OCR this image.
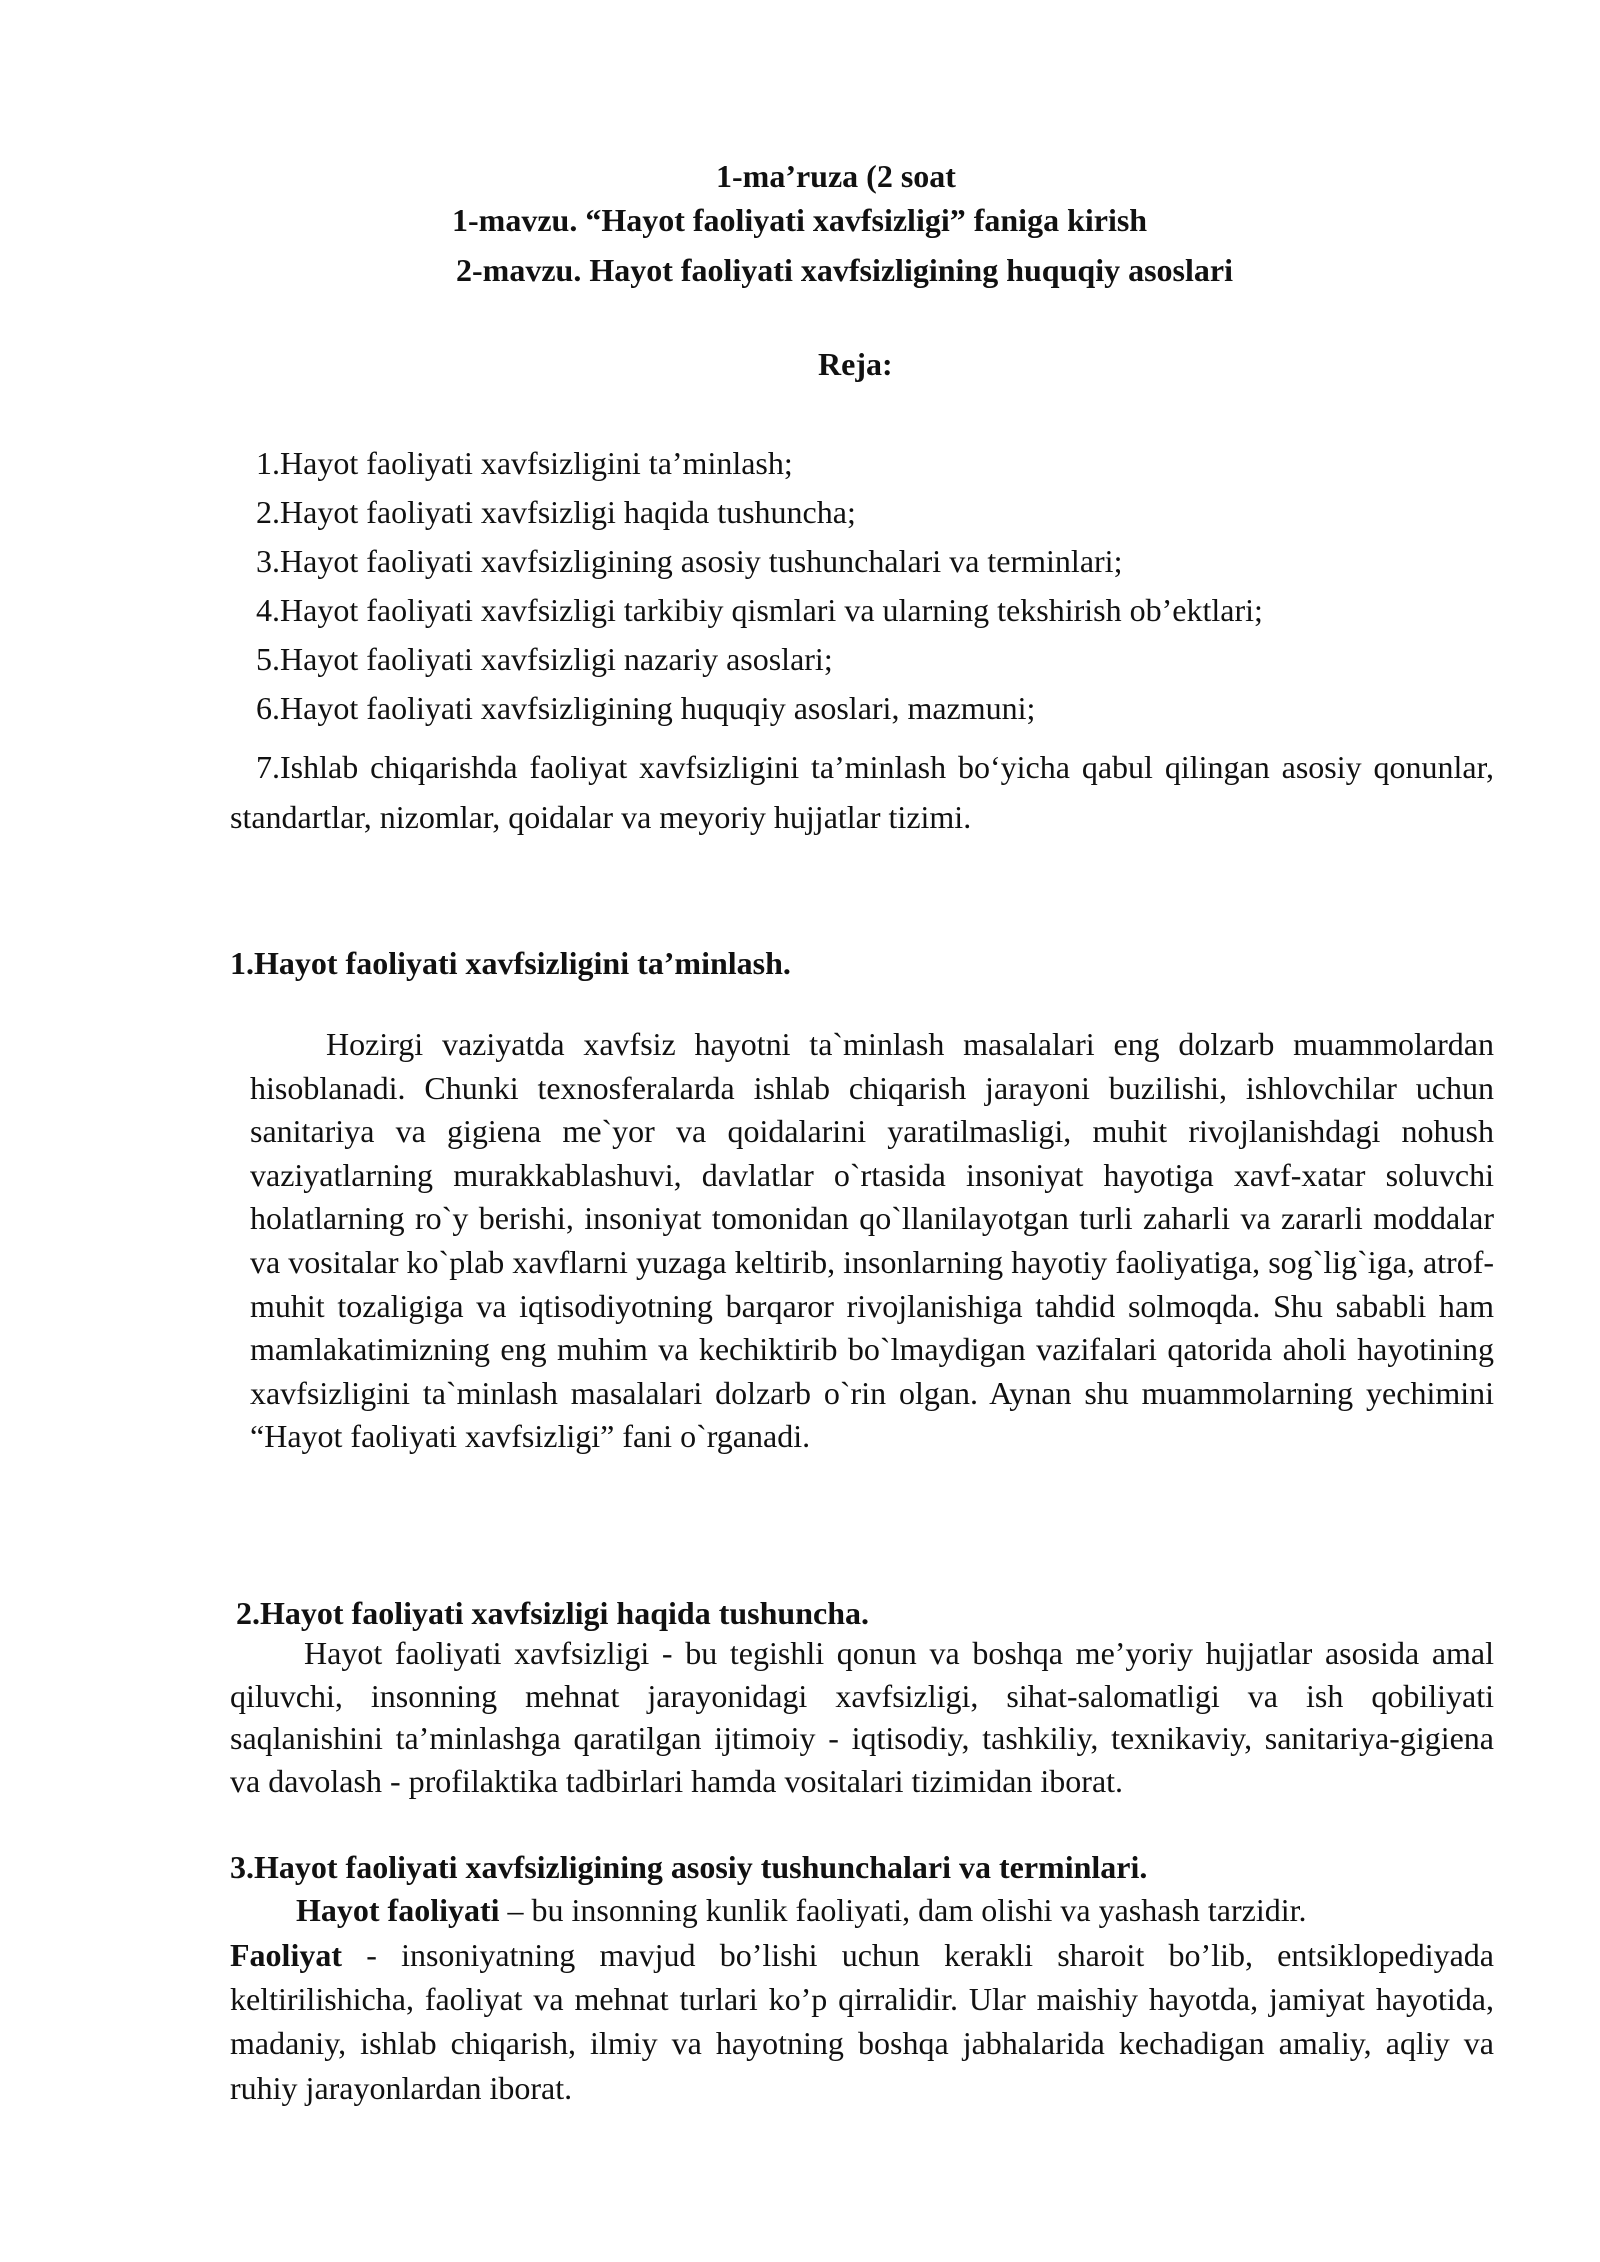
1-ma’ruza (2 soat

1-mavzu. “Hayot faoliyati xavfsizligi” faniga kirish

2-mavzu. Hayot faoliyati xavfsizligining huquqiy asoslari

Reja:

1.Hayot faoliyati xavfsizligini ta’minlash;

2.Hayot faoliyati xavfsizligi haqida tushuncha;

3.Hayot faoliyati xavfsizligining asosiy tushunchalari va terminlari;

4.Hayot faoliyati xavfsizligi tarkibiy qismlari va ularning tekshirish ob’ektlari;

5.Hayot faoliyati xavfsizligi nazariy asoslari;

6.Hayot faoliyati xavfsizligining huquqiy asoslari, mazmuni;

7.Ishlab chiqarishda faoliyat xavfsizligini ta’minlash bo‘yicha qabul qilingan asosiy qonunlar, standartlar, nizomlar, qoidalar va meyoriy hujjatlar tizimi.

1.Hayot faoliyati xavfsizligini ta’minlash.

Hozirgi vaziyatda xavfsiz hayotni ta`minlash masalalari eng dolzarb muammolardan hisoblanadi. Chunki texnosferalarda ishlab chiqarish jarayoni buzilishi, ishlovchilar uchun sanitariya va gigiena me`yor va qoidalarini yaratilmasligi, muhit rivojlanishdagi nohush vaziyatlarning murakkablashuvi, davlatlar o`rtasida insoniyat hayotiga xavf-xatar soluvchi holatlarning ro`y berishi, insoniyat tomonidan qo`llanilayotgan turli zaharli va zararli moddalar va vositalar ko`plab xavflarni yuzaga keltirib, insonlarning hayotiy faoliyatiga, sog`lig`iga, atrof-muhit tozaligiga va iqtisodiyotning barqaror rivojlanishiga tahdid solmoqda. Shu sababli ham mamlakatimizning eng muhim va kechiktirib bo`lmaydigan vazifalari qatorida aholi hayotining xavfsizligini ta`minlash masalalari dolzarb o`rin olgan. Aynan shu muammolarning yechimini “Hayot faoliyati xavfsizligi” fani o`rganadi.

2.Hayot faoliyati xavfsizligi haqida tushuncha.

Hayot faoliyati xavfsizligi - bu tegishli qonun va boshqa me’yoriy hujjatlar asosida amal qiluvchi, insonning mehnat jarayonidagi xavfsizligi, sihat-salomatligi va ish qobiliyati saqlanishini ta’minlashga qaratilgan ijtimoiy - iqtisodiy, tashkiliy, texnikaviy, sanitariya-gigiena va davolash - profilaktika tadbirlari hamda vositalari tizimidan iborat.

3.Hayot faoliyati xavfsizligining asosiy tushunchalari va terminlari.

Hayot faoliyati – bu insonning kunlik faoliyati, dam olishi va yashash tarzidir.

Faoliyat - insoniyatning mavjud bo’lishi uchun kerakli sharoit bo’lib, entsiklopediyada keltirilishicha, faoliyat va mehnat turlari ko’p qirralidir. Ular maishiy hayotda, jamiyat hayotida, madaniy, ishlab chiqarish, ilmiy va hayotning boshqa jabhalarida kechadigan amaliy, aqliy va ruhiy jarayonlardan iborat.
